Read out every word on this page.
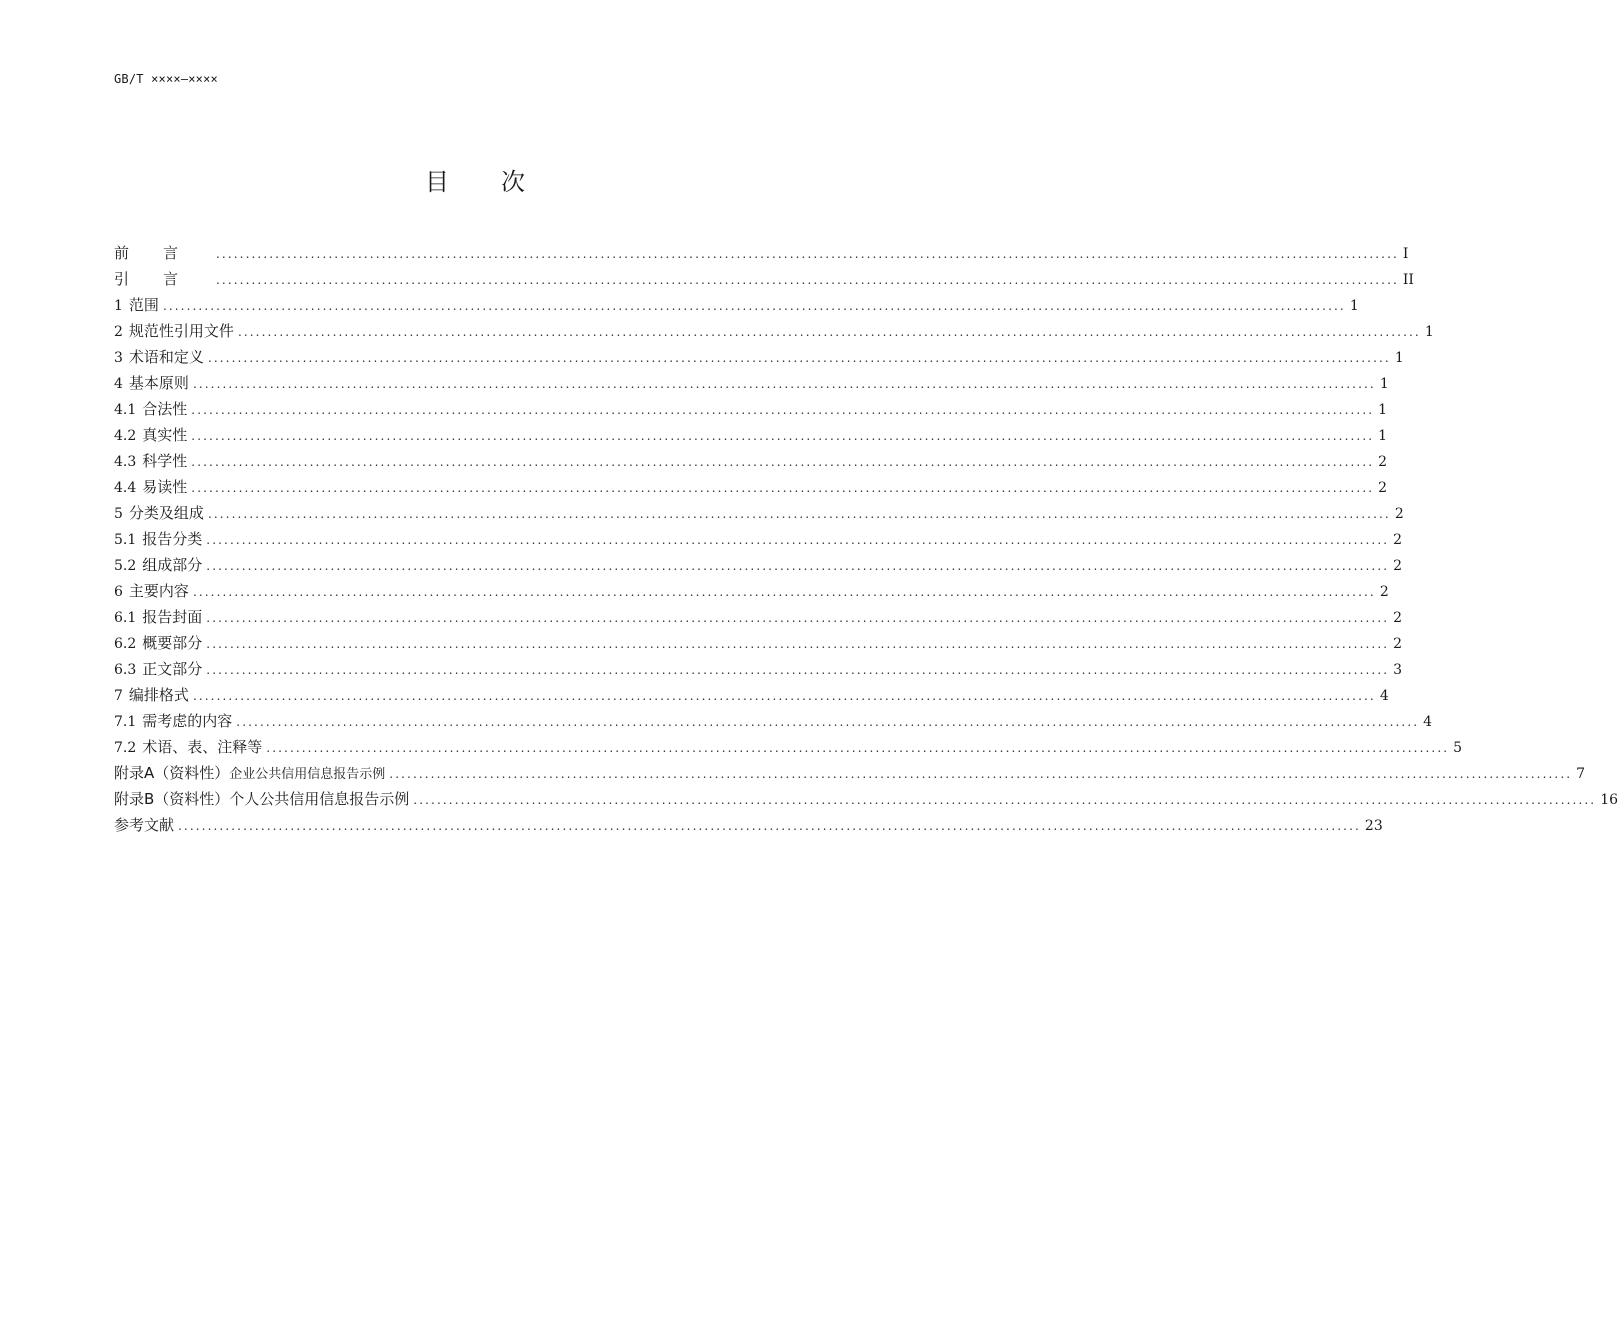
GB/T ××××—××××
目 次
前言 ........................................................................................................................................................................................................ I
引言 ........................................................................................................................................................................................................ II
1 范围 ........................................................................................................................................................................................................ 1
2 规范性引用文件 ........................................................................................................................................................................................................ 1
3 术语和定义 ........................................................................................................................................................................................................ 1
4 基本原则 ........................................................................................................................................................................................................ 1
4.1 合法性 ........................................................................................................................................................................................................ 1
4.2 真实性 ........................................................................................................................................................................................................ 1
4.3 科学性 ........................................................................................................................................................................................................ 2
4.4 易读性 ........................................................................................................................................................................................................ 2
5 分类及组成 ........................................................................................................................................................................................................ 2
5.1 报告分类 ........................................................................................................................................................................................................ 2
5.2 组成部分 ........................................................................................................................................................................................................ 2
6 主要内容 ........................................................................................................................................................................................................ 2
6.1 报告封面 ........................................................................................................................................................................................................ 2
6.2 概要部分 ........................................................................................................................................................................................................ 2
6.3 正文部分 ........................................................................................................................................................................................................ 3
7 编排格式 ........................................................................................................................................................................................................ 4
7.1 需考虑的内容 ........................................................................................................................................................................................................ 4
7.2 术语、表、注释等 ........................................................................................................................................................................................................ 5
附录A（资料性）企业公共信用信息报告示例 ........................................................................................................................................................................................................ 7
附录B（资料性）个人公共信用信息报告示例 ........................................................................................................................................................................................................ 16
参考文献 ........................................................................................................................................................................................................ 23
